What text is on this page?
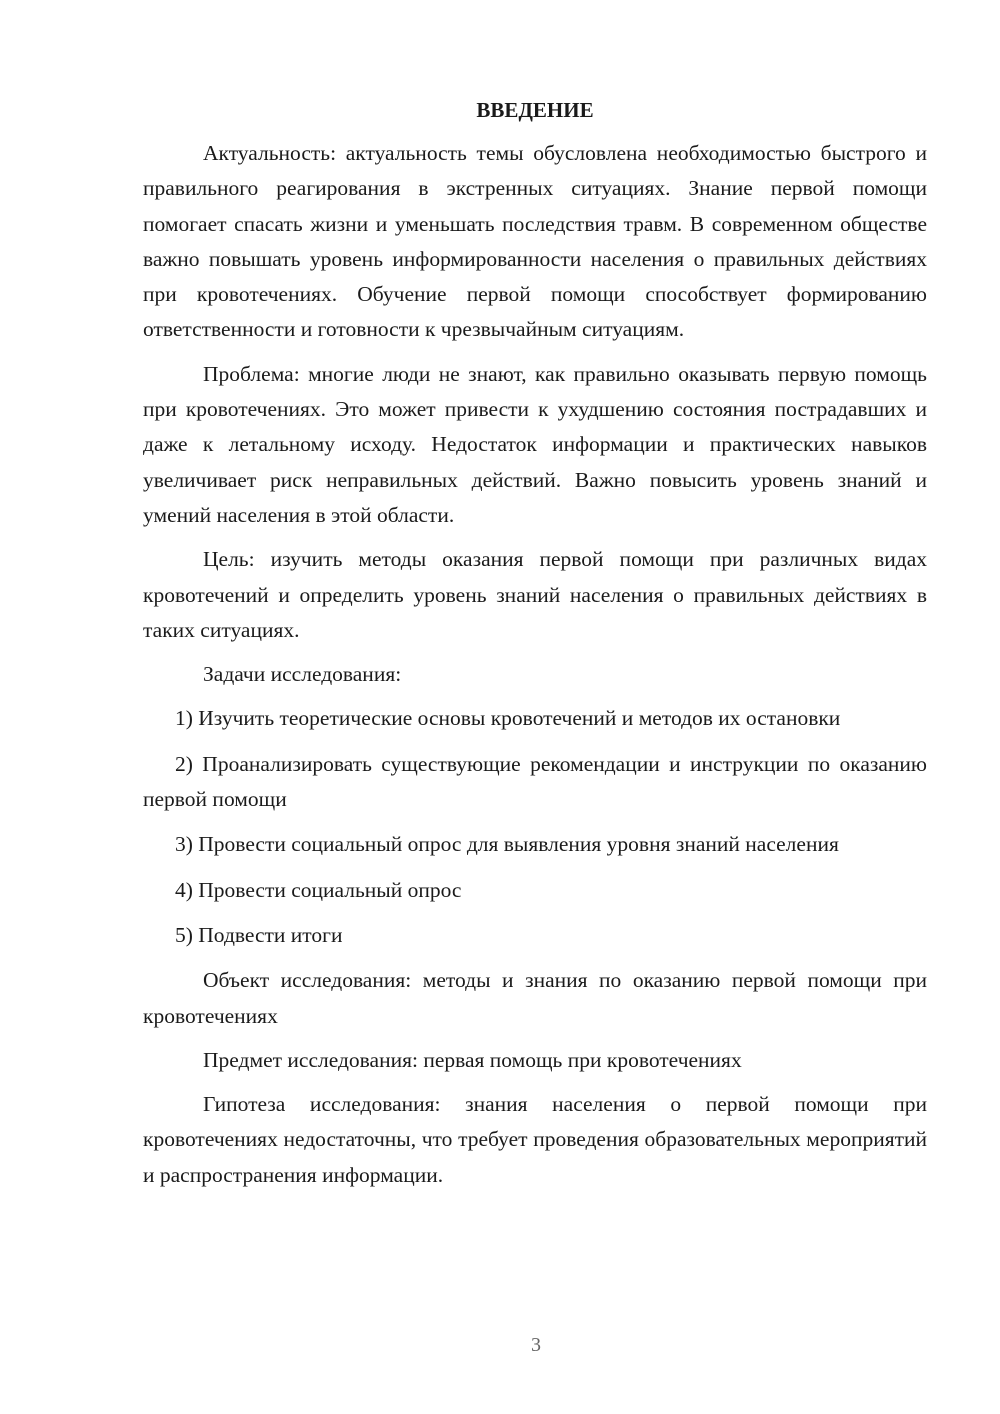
ВВЕДЕНИЕ

Актуальность: актуальность темы обусловлена необходимостью быстрого и правильного реагирования в экстренных ситуациях. Знание первой помощи помогает спасать жизни и уменьшать последствия травм. В современном обществе важно повышать уровень информированности населения о правильных действиях при кровотечениях. Обучение первой помощи способствует формированию ответственности и готовности к чрезвычайным ситуациям.

Проблема: многие люди не знают, как правильно оказывать первую помощь при кровотечениях. Это может привести к ухудшению состояния пострадавших и даже к летальному исходу. Недостаток информации и практических навыков увеличивает риск неправильных действий. Важно повысить уровень знаний и умений населения в этой области.

Цель: изучить методы оказания первой помощи при различных видах кровотечений и определить уровень знаний населения о правильных действиях в таких ситуациях.

Задачи исследования:

1) Изучить теоретические основы кровотечений и методов их остановки

2) Проанализировать существующие рекомендации и инструкции по оказанию первой помощи

3) Провести социальный опрос для выявления уровня знаний населения

4) Провести социальный опрос

5) Подвести итоги

Объект исследования: методы и знания по оказанию первой помощи при кровотечениях

Предмет исследования: первая помощь при кровотечениях

Гипотеза исследования: знания населения о первой помощи при кровотечениях недостаточны, что требует проведения образовательных мероприятий и распространения информации.

3
